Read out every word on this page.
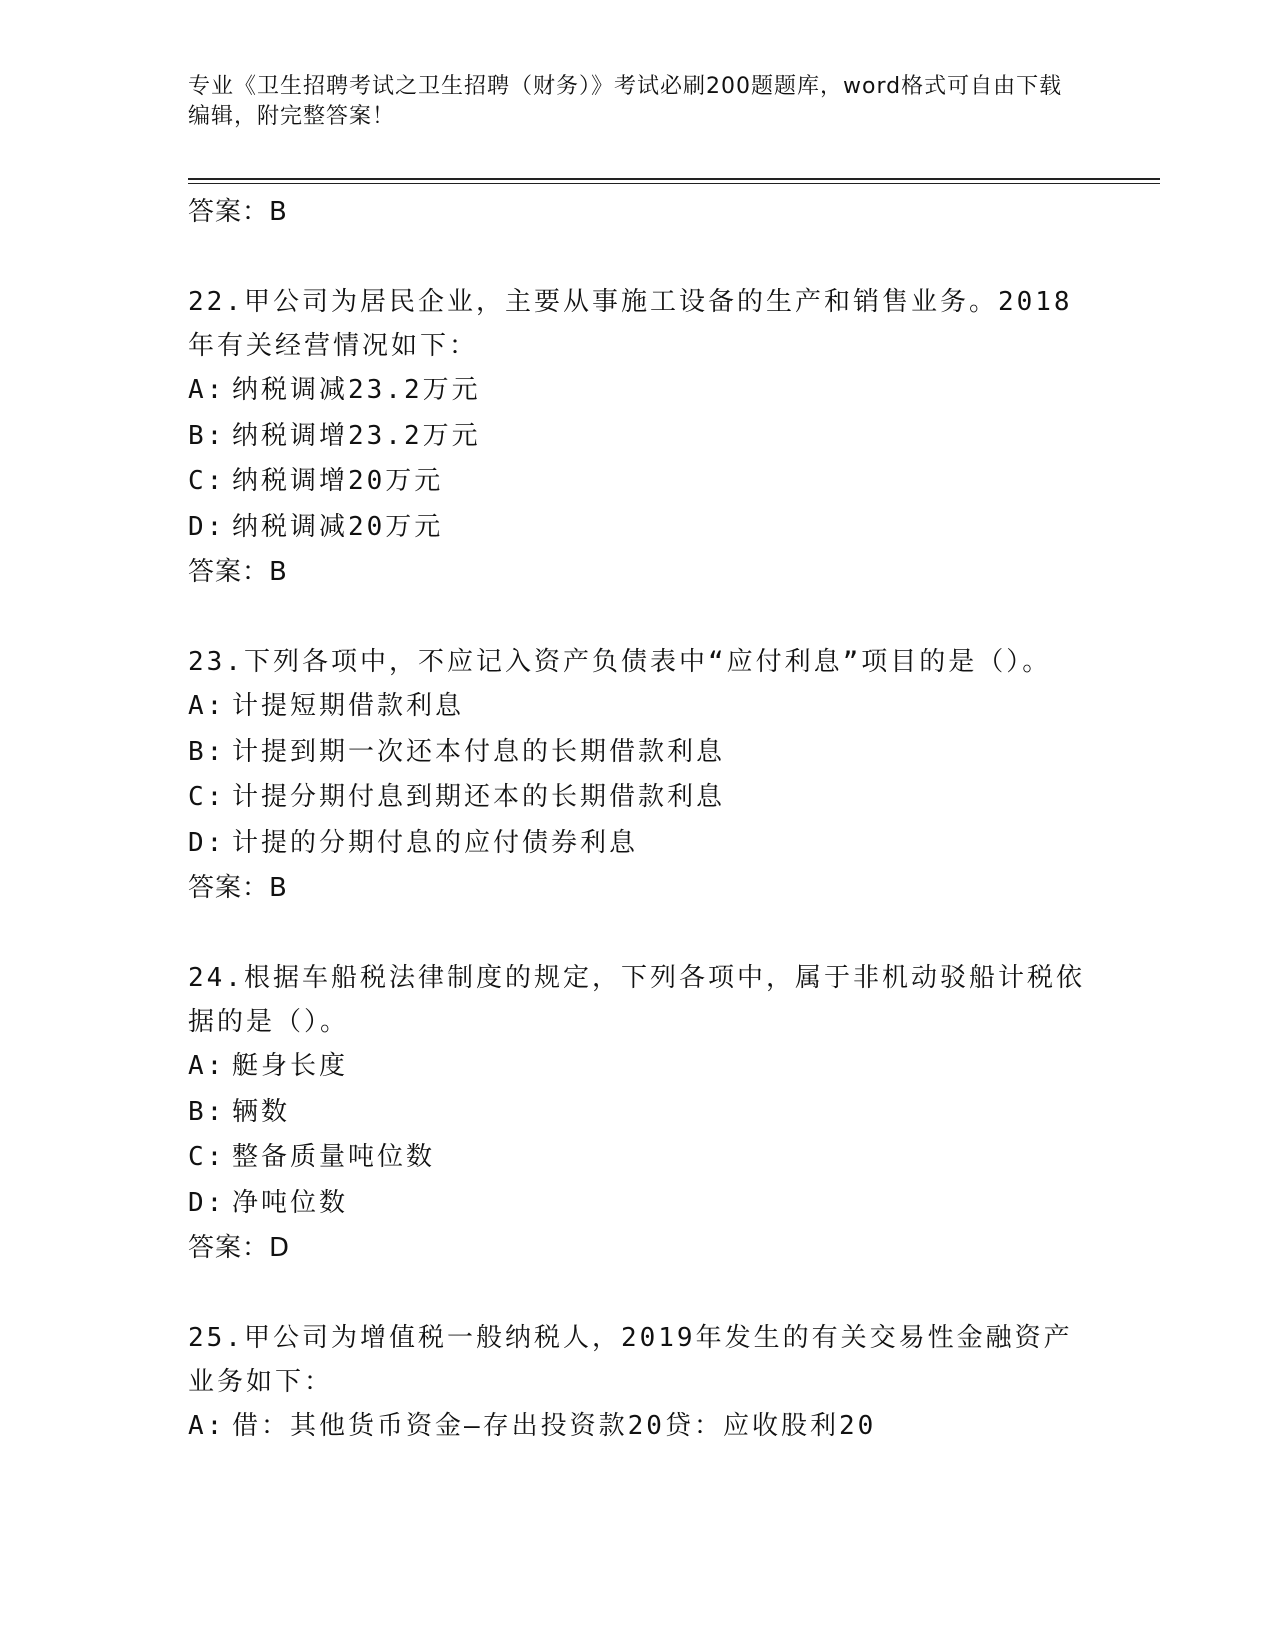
专业《卫生招聘考试之卫生招聘（财务）》考试必刷200题题库，word格式可自由下载编辑，附完整答案！
答案：B
22.甲公司为居民企业，主要从事施工设备的生产和销售业务。2018年有关经营情况如下：
A: 纳税调减23.2万元
B: 纳税调增23.2万元
C: 纳税调增20万元
D: 纳税调减20万元
答案：B
23.下列各项中，不应记入资产负债表中“应付利息”项目的是（）。
A: 计提短期借款利息
B: 计提到期一次还本付息的长期借款利息
C: 计提分期付息到期还本的长期借款利息
D: 计提的分期付息的应付债券利息
答案：B
24.根据车船税法律制度的规定，下列各项中，属于非机动驳船计税依据的是（）。
A: 艇身长度
B: 辆数
C: 整备质量吨位数
D: 净吨位数
答案：D
25.甲公司为增值税一般纳税人，2019年发生的有关交易性金融资产业务如下：
A: 借：其他货币资金—存出投资款20贷：应收股利20
